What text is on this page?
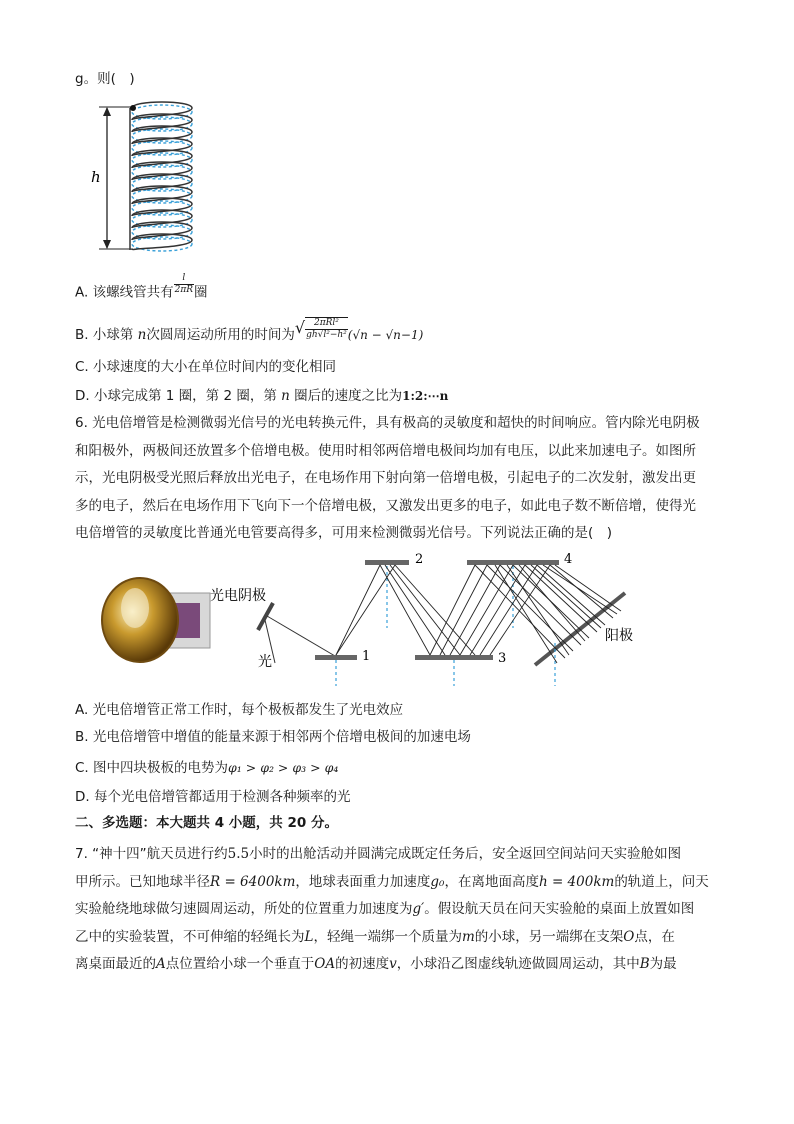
g。则( )
h
A. 该螺线管共有 $\frac{l}{2\pi R}$ 圈
B. 小球第 n次圆周运动所用的时间为√ $\frac{\text{2πRl²}}{\text{gh√l²−h²}} (√n - √n-1)$
C. 小球速度的大小在单位时间内的变化相同
D. 小球完成第 1 圈，第 2 圈，第 n 圈后的速度之比为1:2:⋯n
6. 光电倍增管是检测微弱光信号的光电转换元件，具有极高的灵敏度和超快的时间响应。管内除光电阴极
和阳极外，两极间还放置多个倍增电极。使用时相邻两倍增电极间均加有电压，以此来加速电子。如图所
示，光电阴极受光照后释放出光电子，在电场作用下射向第一倍增电极，引起电子的二次发射，激发出更
多的电子，然后在电场作用下飞向下一个倍增电极，又激发出更多的电子，如此电子数不断倍增，使得光
电倍增管的灵敏度比普通光电管要高得多，可用来检测微弱光信号。下列说法正确的是( )
光电阴极
光
阳极
1
2
3
4
A. 光电倍增管正常工作时，每个极板都发生了光电效应
B. 光电倍增管中增值的能量来源于相邻两个倍增电极间的加速电场
C. 图中四块极板的电势为φ₁ > φ₂ > φ₃ > φ₄
D. 每个光电倍增管都适用于检测各种频率的光
二、多选题：本大题共 4 小题，共 20 分。
7. “神十四”航天员进行约5.5小时的出舱活动并圆满完成既定任务后，安全返回空间站问天实验舱如图
甲所示。已知地球半径R = 6400km，地球表面重力加速度g₀，在离地面高度h = 400km的轨道上，问天
实验舱绕地球做匀速圆周运动，所处的位置重力加速度为g′。假设航天员在问天实验舱的桌面上放置如图
乙中的实验装置，不可伸缩的轻绳长为L，轻绳一端绑一个质量为m的小球，另一端绑在支架O点，在
离桌面最近的A点位置给小球一个垂直于OA的初速度v，小球沿乙图虚线轨迹做圆周运动，其中B为最
